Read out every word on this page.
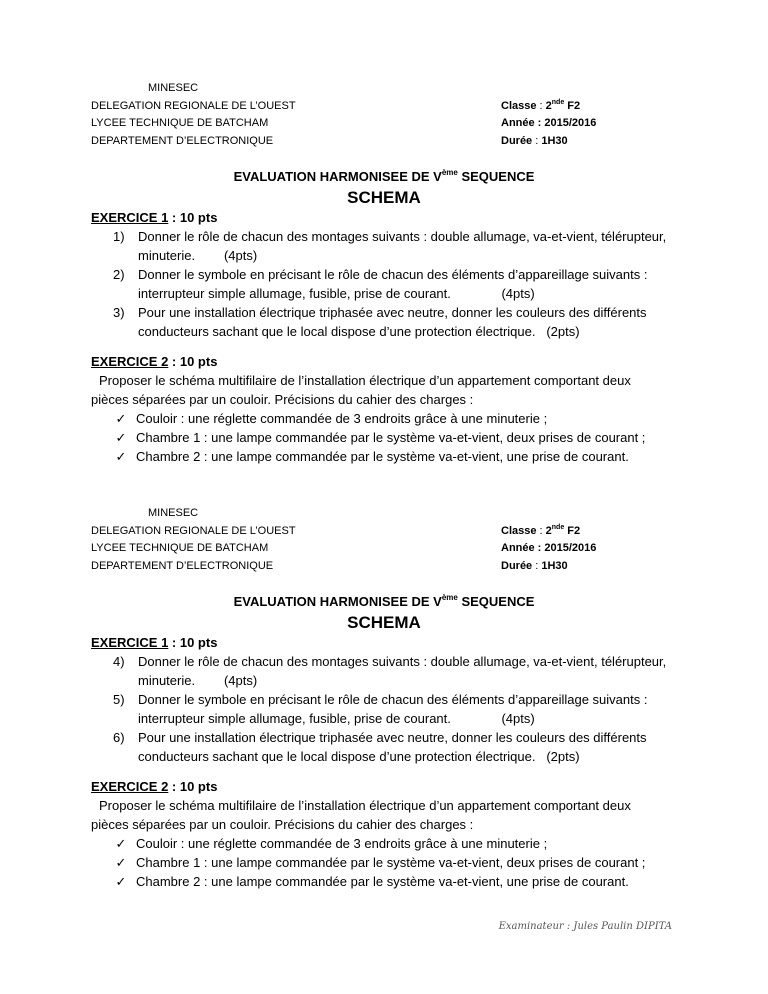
MINESEC
DELEGATION REGIONALE DE L’OUEST
LYCEE TECHNIQUE DE BATCHAM
DEPARTEMENT D’ELECTRONIQUE
Classe : 2nde F2
Année : 2015/2016
Durée : 1H30
EVALUATION HARMONISEE DE Vème SEQUENCE
SCHEMA
EXERCICE 1 : 10 pts
1) Donner le rôle de chacun des montages suivants : double allumage, va-et-vient, télérupteur,
minuterie.        (4pts)
2) Donner le symbole en précisant le rôle de chacun des éléments d’appareillage suivants :
interrupteur simple allumage, fusible, prise de courant.              (4pts)
3) Pour une installation électrique triphasée avec neutre, donner les couleurs des différents
conducteurs sachant que le local dispose d’une protection électrique.   (2pts)
EXERCICE 2 : 10 pts
Proposer le schéma multifilaire de l’installation électrique d’un appartement comportant deux
pièces séparées par un couloir. Précisions du cahier des charges :
✓ Couloir : une réglette commandée de 3 endroits grâce à une minuterie ;
✓ Chambre 1 : une lampe commandée par le système va-et-vient, deux prises de courant ;
✓ Chambre 2 : une lampe commandée par le système va-et-vient, une prise de courant.
MINESEC
DELEGATION REGIONALE DE L’OUEST
LYCEE TECHNIQUE DE BATCHAM
DEPARTEMENT D’ELECTRONIQUE
Classe : 2nde F2
Année : 2015/2016
Durée : 1H30
EVALUATION HARMONISEE DE Vème SEQUENCE
SCHEMA
EXERCICE 1 : 10 pts
4) Donner le rôle de chacun des montages suivants : double allumage, va-et-vient, télérupteur,
minuterie.        (4pts)
5) Donner le symbole en précisant le rôle de chacun des éléments d’appareillage suivants :
interrupteur simple allumage, fusible, prise de courant.              (4pts)
6) Pour une installation électrique triphasée avec neutre, donner les couleurs des différents
conducteurs sachant que le local dispose d’une protection électrique.   (2pts)
EXERCICE 2 : 10 pts
Proposer le schéma multifilaire de l’installation électrique d’un appartement comportant deux
pièces séparées par un couloir. Précisions du cahier des charges :
✓ Couloir : une réglette commandée de 3 endroits grâce à une minuterie ;
✓ Chambre 1 : une lampe commandée par le système va-et-vient, deux prises de courant ;
✓ Chambre 2 : une lampe commandée par le système va-et-vient, une prise de courant.
Examinateur : Jules Paulin DIPITA
